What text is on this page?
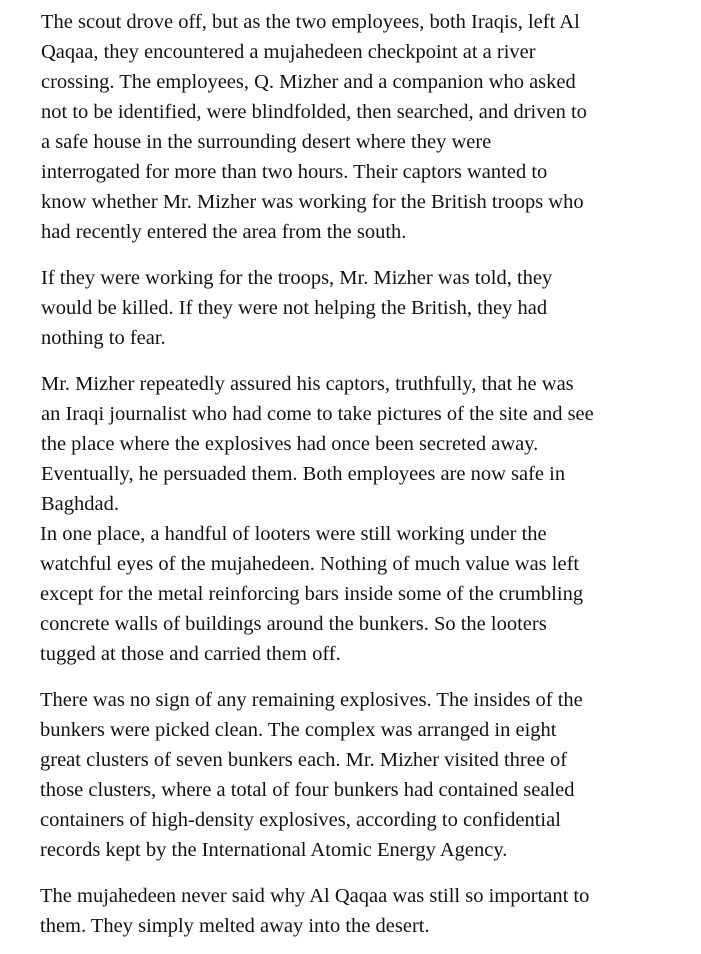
The scout drove off, but as the two employees, both Iraqis, left Al
Qaqaa, they encountered a mujahedeen checkpoint at a river
crossing. The employees, Q. Mizher and a companion who asked
not to be identified, were blindfolded, then searched, and driven to
a safe house in the surrounding desert where they were
interrogated for more than two hours. Their captors wanted to
know whether Mr. Mizher was working for the British troops who
had recently entered the area from the south.

If they were working for the troops, Mr. Mizher was told, they
would be killed. If they were not helping the British, they had
nothing to fear.

Mr. Mizher repeatedly assured his captors, truthfully, that he was
an Iraqi journalist who had come to take pictures of the site and see
the place where the explosives had once been secreted away.
Eventually, he persuaded them. Both employees are now safe in
Baghdad.

In one place, a handful of looters were still working under the
watchful eyes of the mujahedeen. Nothing of much value was left
except for the metal reinforcing bars inside some of the crumbling
concrete walls of buildings around the bunkers. So the looters
tugged at those and carried them off.

There was no sign of any remaining explosives. The insides of the
bunkers were picked clean. The complex was arranged in eight
great clusters of seven bunkers each. Mr. Mizher visited three of
those clusters, where a total of four bunkers had contained sealed
containers of high-density explosives, according to confidential
records kept by the International Atomic Energy Agency.

The mujahedeen never said why Al Qaqaa was still so important to
them. They simply melted away into the desert.
